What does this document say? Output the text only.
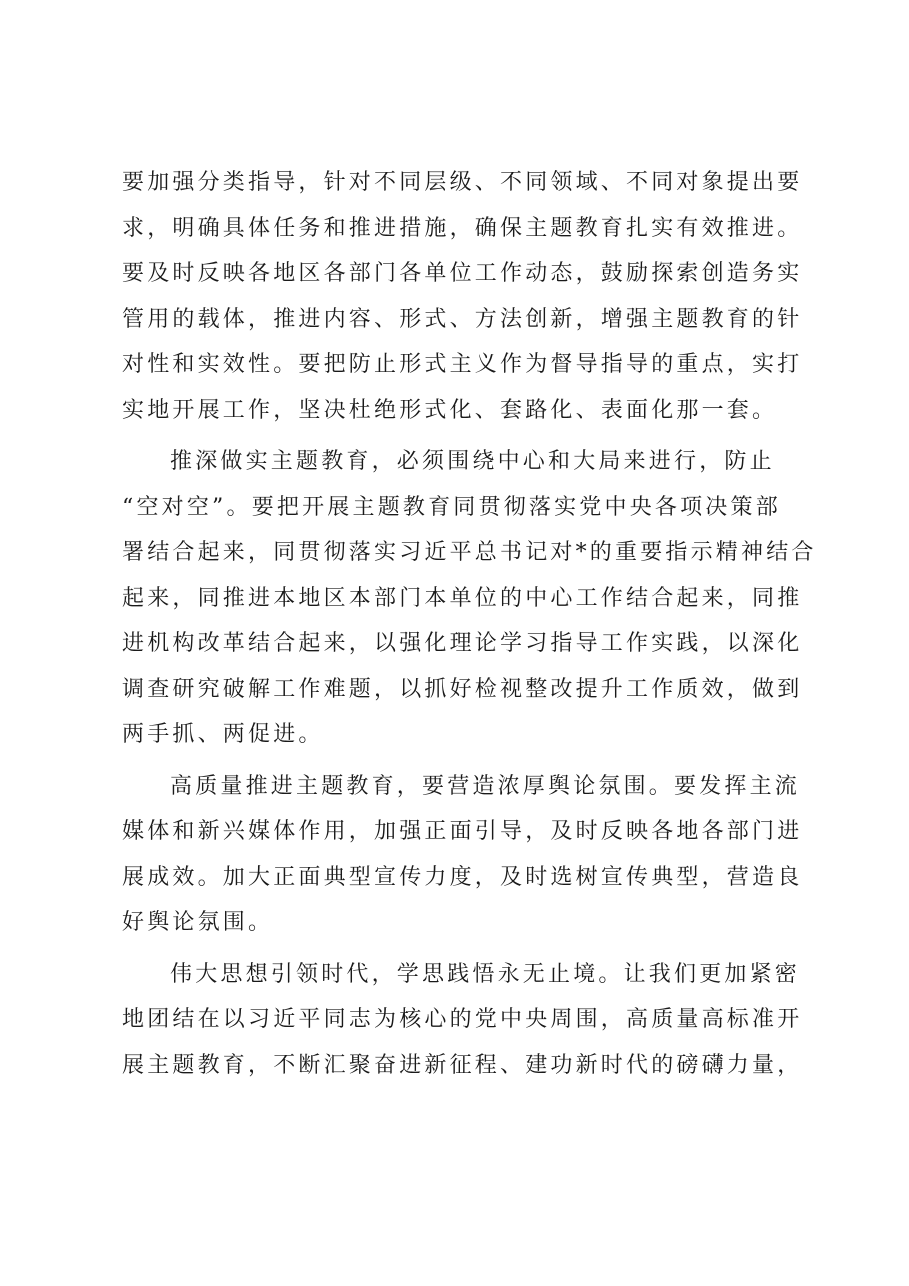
要加强分类指导，针对不同层级、不同领域、不同对象提出要
求，明确具体任务和推进措施，确保主题教育扎实有效推进。
要及时反映各地区各部门各单位工作动态，鼓励探索创造务实
管用的载体，推进内容、形式、方法创新，增强主题教育的针
对性和实效性。要把防止形式主义作为督导指导的重点，实打
实地开展工作，坚决杜绝形式化、套路化、表面化那一套。
推深做实主题教育，必须围绕中心和大局来进行，防止
“空对空”。要把开展主题教育同贯彻落实党中央各项决策部
署结合起来，同贯彻落实习近平总书记对*的重要指示精神结合
起来，同推进本地区本部门本单位的中心工作结合起来，同推
进机构改革结合起来，以强化理论学习指导工作实践，以深化
调查研究破解工作难题，以抓好检视整改提升工作质效，做到
两手抓、两促进。
高质量推进主题教育，要营造浓厚舆论氛围。要发挥主流
媒体和新兴媒体作用，加强正面引导，及时反映各地各部门进
展成效。加大正面典型宣传力度，及时选树宣传典型，营造良
好舆论氛围。
伟大思想引领时代，学思践悟永无止境。让我们更加紧密
地团结在以习近平同志为核心的党中央周围，高质量高标准开
展主题教育，不断汇聚奋进新征程、建功新时代的磅礴力量，
